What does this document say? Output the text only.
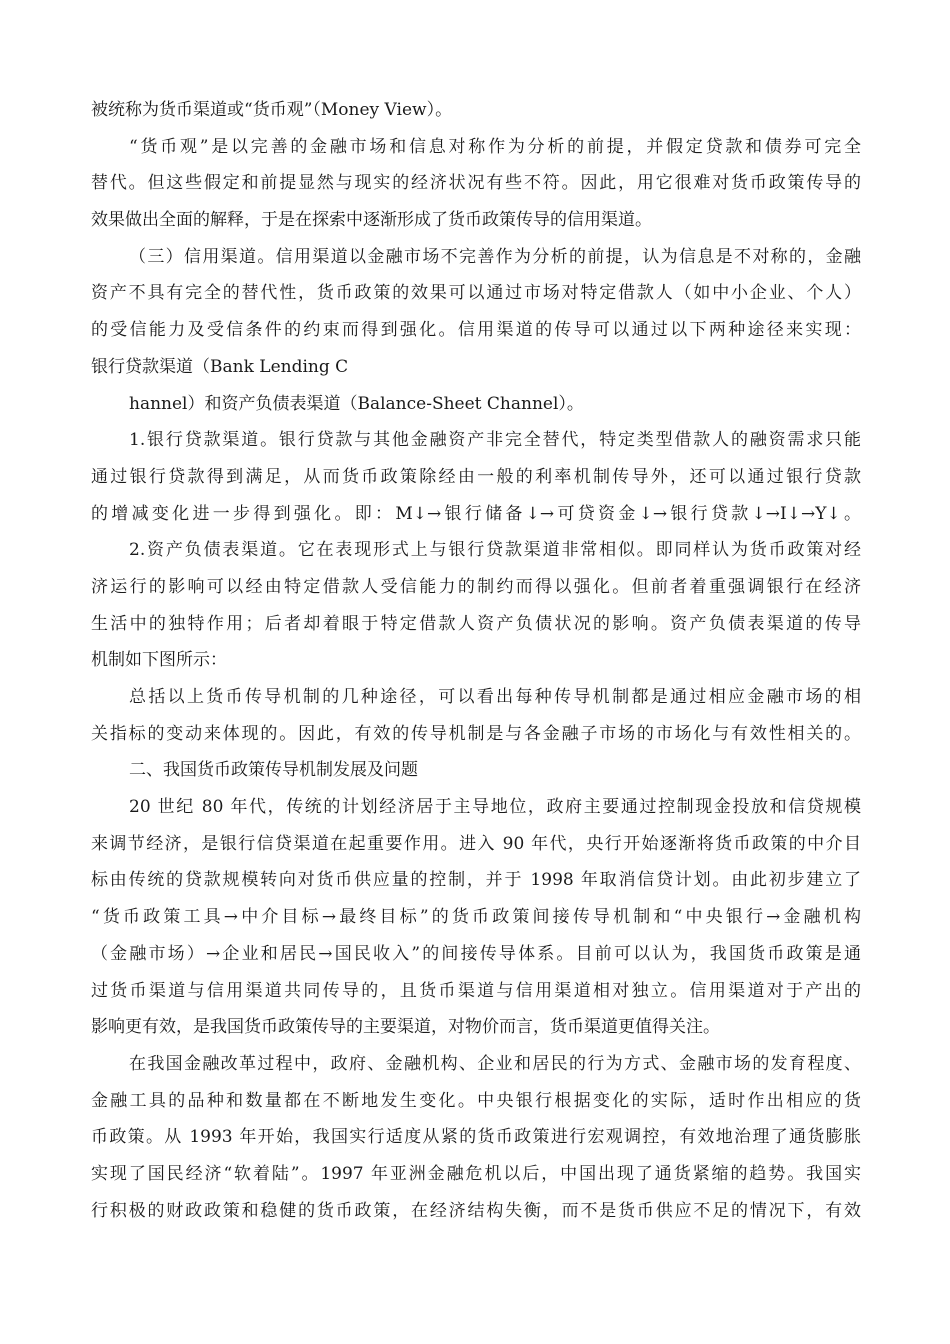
被统称为货币渠道或“货币观”（Money View）。
“货币观”是以完善的金融市场和信息对称作为分析的前提，并假定贷款和债券可完全
替代。但这些假定和前提显然与现实的经济状况有些不符。因此，用它很难对货币政策传导的
效果做出全面的解释，于是在探索中逐渐形成了货币政策传导的信用渠道。
（三）信用渠道。信用渠道以金融市场不完善作为分析的前提，认为信息是不对称的，金融
资产不具有完全的替代性，货币政策的效果可以通过市场对特定借款人（如中小企业、个人）
的受信能力及受信条件的约束而得到强化。信用渠道的传导可以通过以下两种途径来实现：
银行贷款渠道（Bank Lending C
hannel）和资产负债表渠道（Balance-Sheet Channel）。
1.银行贷款渠道。银行贷款与其他金融资产非完全替代，特定类型借款人的融资需求只能
通过银行贷款得到满足，从而货币政策除经由一般的利率机制传导外，还可以通过银行贷款
的增减变化进一步得到强化。即：M↓→银行储备↓→可贷资金↓→银行贷款↓→I↓→Y↓。
2.资产负债表渠道。它在表现形式上与银行贷款渠道非常相似。即同样认为货币政策对经
济运行的影响可以经由特定借款人受信能力的制约而得以强化。但前者着重强调银行在经济
生活中的独特作用；后者却着眼于特定借款人资产负债状况的影响。资产负债表渠道的传导
机制如下图所示：
总括以上货币传导机制的几种途径，可以看出每种传导机制都是通过相应金融市场的相
关指标的变动来体现的。因此，有效的传导机制是与各金融子市场的市场化与有效性相关的。
二、我国货币政策传导机制发展及问题
20 世纪 80 年代，传统的计划经济居于主导地位，政府主要通过控制现金投放和信贷规模
来调节经济，是银行信贷渠道在起重要作用。进入 90 年代，央行开始逐渐将货币政策的中介目
标由传统的贷款规模转向对货币供应量的控制，并于 1998 年取消信贷计划。由此初步建立了
“货币政策工具→中介目标→最终目标”的货币政策间接传导机制和“中央银行→金融机构
（金融市场）→企业和居民→国民收入”的间接传导体系。目前可以认为，我国货币政策是通
过货币渠道与信用渠道共同传导的，且货币渠道与信用渠道相对独立。信用渠道对于产出的
影响更有效，是我国货币政策传导的主要渠道，对物价而言，货币渠道更值得关注。
在我国金融改革过程中，政府、金融机构、企业和居民的行为方式、金融市场的发育程度、
金融工具的品种和数量都在不断地发生变化。中央银行根据变化的实际，适时作出相应的货
币政策。从 1993 年开始，我国实行适度从紧的货币政策进行宏观调控，有效地治理了通货膨胀
实现了国民经济“软着陆”。1997 年亚洲金融危机以后，中国出现了通货紧缩的趋势。我国实
行积极的财政政策和稳健的货币政策，在经济结构失衡，而不是货币供应不足的情况下，有效
